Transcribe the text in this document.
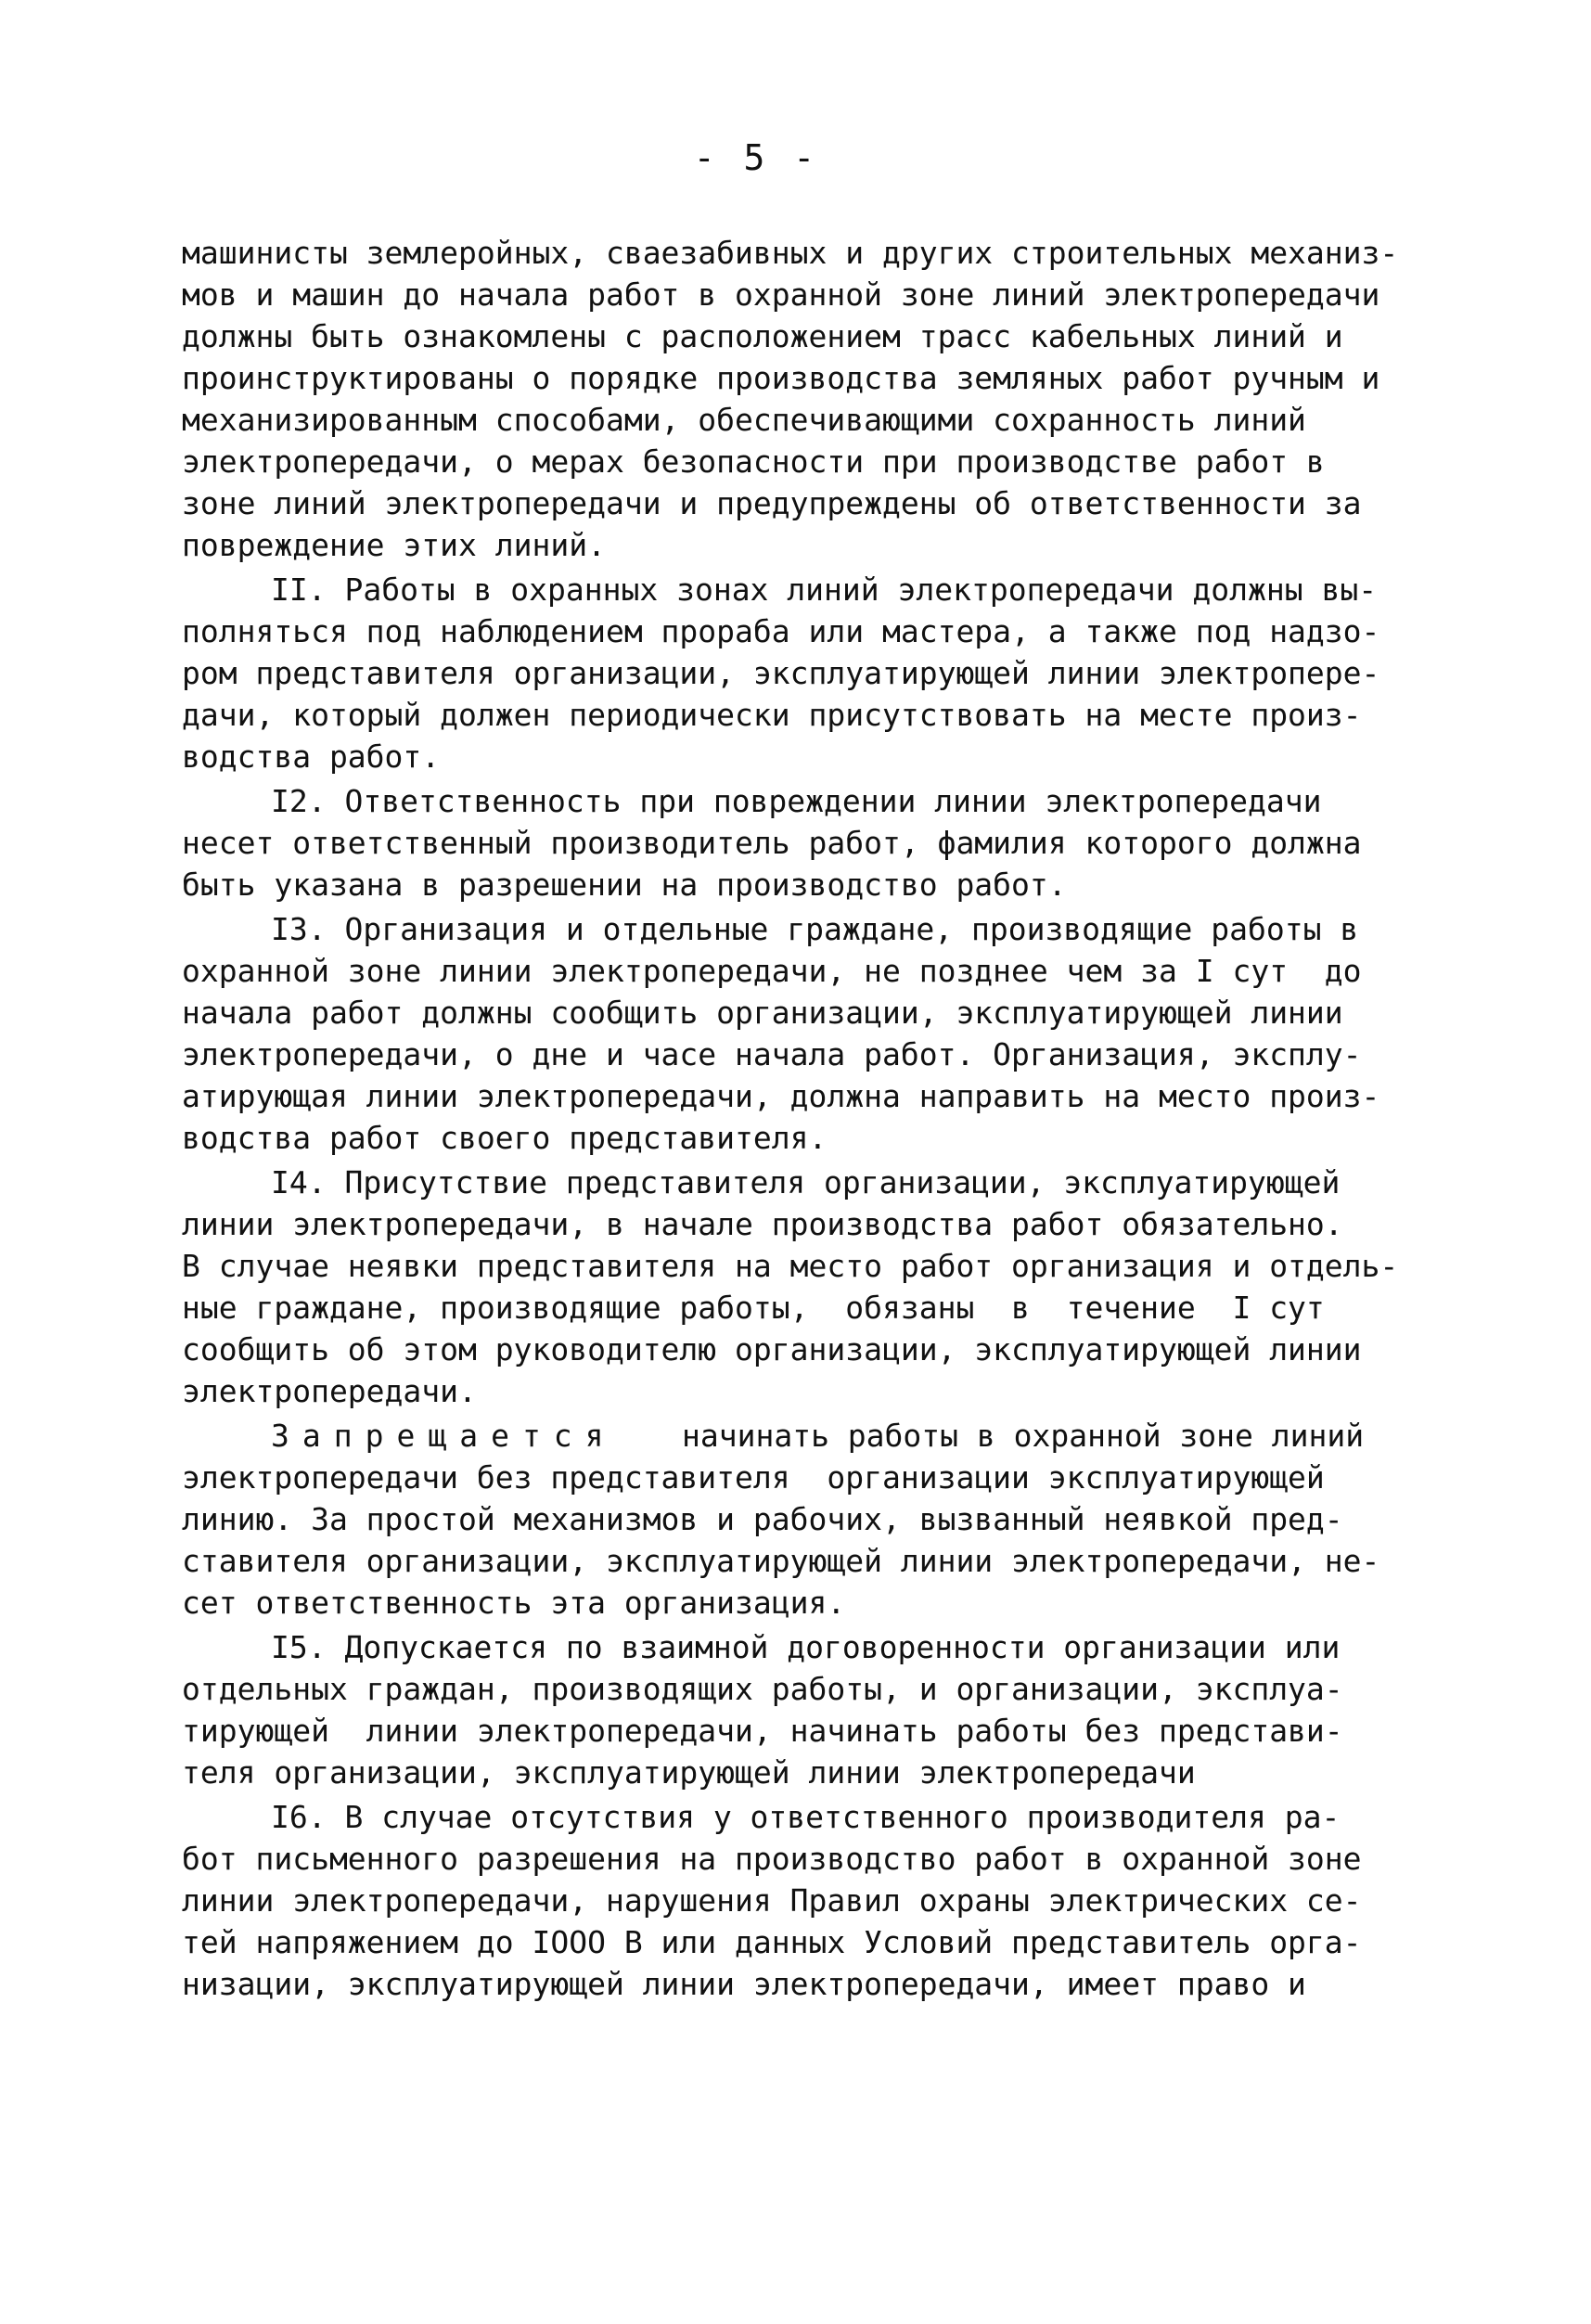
- 5 -
машинисты землеройных, сваезабивных и других строительных механиз-
мов и машин до начала работ в охранной зоне линий электропередачи
должны быть ознакомлены с расположением трасс кабельных линий и
проинструктированы о порядке производства земляных работ ручным и
механизированным способами, обеспечивающими сохранность линий
электропередачи, о мерах безопасности при производстве работ в
зоне линий электропередачи и предупреждены об ответственности за
повреждение этих линий.
II. Работы в охранных зонах линий электропередачи должны вы-
полняться под наблюдением прораба или мастера, а также под надзо-
ром представителя организации, эксплуатирующей линии электропере-
дачи, который должен периодически присутствовать на месте произ-
водства работ.
I2. Ответственность при повреждении линии электропередачи
несет ответственный производитель работ, фамилия которого должна
быть указана в разрешении на производство работ.
I3. Организация и отдельные граждане, производящие работы в
охранной зоне линии электропередачи, не позднее чем за I сут  до
начала работ должны сообщить организации, эксплуатирующей линии
электропередачи, о дне и часе начала работ. Организация, эксплу-
атирующая линии электропередачи, должна направить на место произ-
водства работ своего представителя.
I4. Присутствие представителя организации, эксплуатирующей
линии электропередачи, в начале производства работ обязательно.
В случае неявки представителя на место работ организация и отдель-
ные граждане, производящие работы,  обязаны  в  течение  I сут
сообщить об этом руководителю организации, эксплуатирующей линии
электропередачи.
Запрещается	начинать работы в охранной зоне линий
электропередачи без представителя  организации эксплуатирующей
линию. За простой механизмов и рабочих, вызванный неявкой пред-
ставителя организации, эксплуатирующей линии электропередачи, не-
сет ответственность эта организация.
I5. Допускается по взаимной договоренности организации или
отдельных граждан, производящих работы, и организации, эксплуа-
тирующей  линии электропередачи, начинать работы без представи-
теля организации, эксплуатирующей линии электропередачи
I6. В случае отсутствия у ответственного производителя ра-
бот письменного разрешения на производство работ в охранной зоне
линии электропередачи, нарушения Правил охраны электрических се-
тей напряжением до IOOO В или данных Условий представитель орга-
низации, эксплуатирующей линии электропередачи, имеет право и
